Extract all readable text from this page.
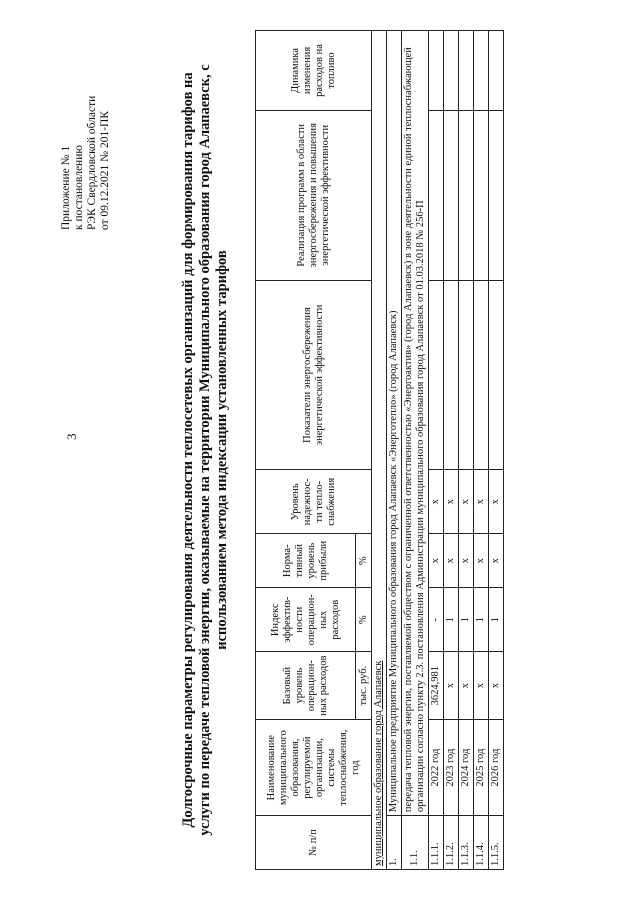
3
Приложение № 1 к постановлению РЭК Свердловской области от 09.12.2021 № 201-ПК	Долгосрочные параметры регулирования деятельности теплосетевых организаций для формирования тарифов на услуги по передаче тепловой энергии, оказываемые на территории Муниципального образования город Алапаевск, с использованием метода индексации установленных тарифов
№ п/п	Наименование муниципального образования, регулируемой организации, системы теплоснабжения, год	Базовый уровень операцион-ных расходов	Индекс эффектив-ности операцион-ных расходов	Норма-тивный уровень прибыли	Уровень надежнос-ти тепло-снабжения	Показатели энергосбережения энергетической эффективности	Реализация программ в области энергосбережения и повышения энергетической эффективности	Динамика изменения расходов на топливо
		тыс. руб.	%	%				
муниципальное образование город Алапаевск								
1.	Муниципальное предприятие Муниципального образования город Алапаевск «Энерготепло» (город Алапаевск)							
1.1.	передача тепловой энергии, поставляемой обществом с ограниченной ответственностью «Энергоактив» (город Алапаевск) в зоне деятельности единой теплоснабжающей организации согласно пункту 2.3. постановления Администрации муниципального образования город Алапаевск от 01.03.2018 № 256-П							
1.1.1.	2022 год	3624,981	-	х	х			
1.1.2.	2023 год	х	1	х	х			
1.1.3.	2024 год	х	1	х	х			
1.1.4.	2025 год	х	1	х	х			
1.1.5.	2026 год	х	1	х	х			
